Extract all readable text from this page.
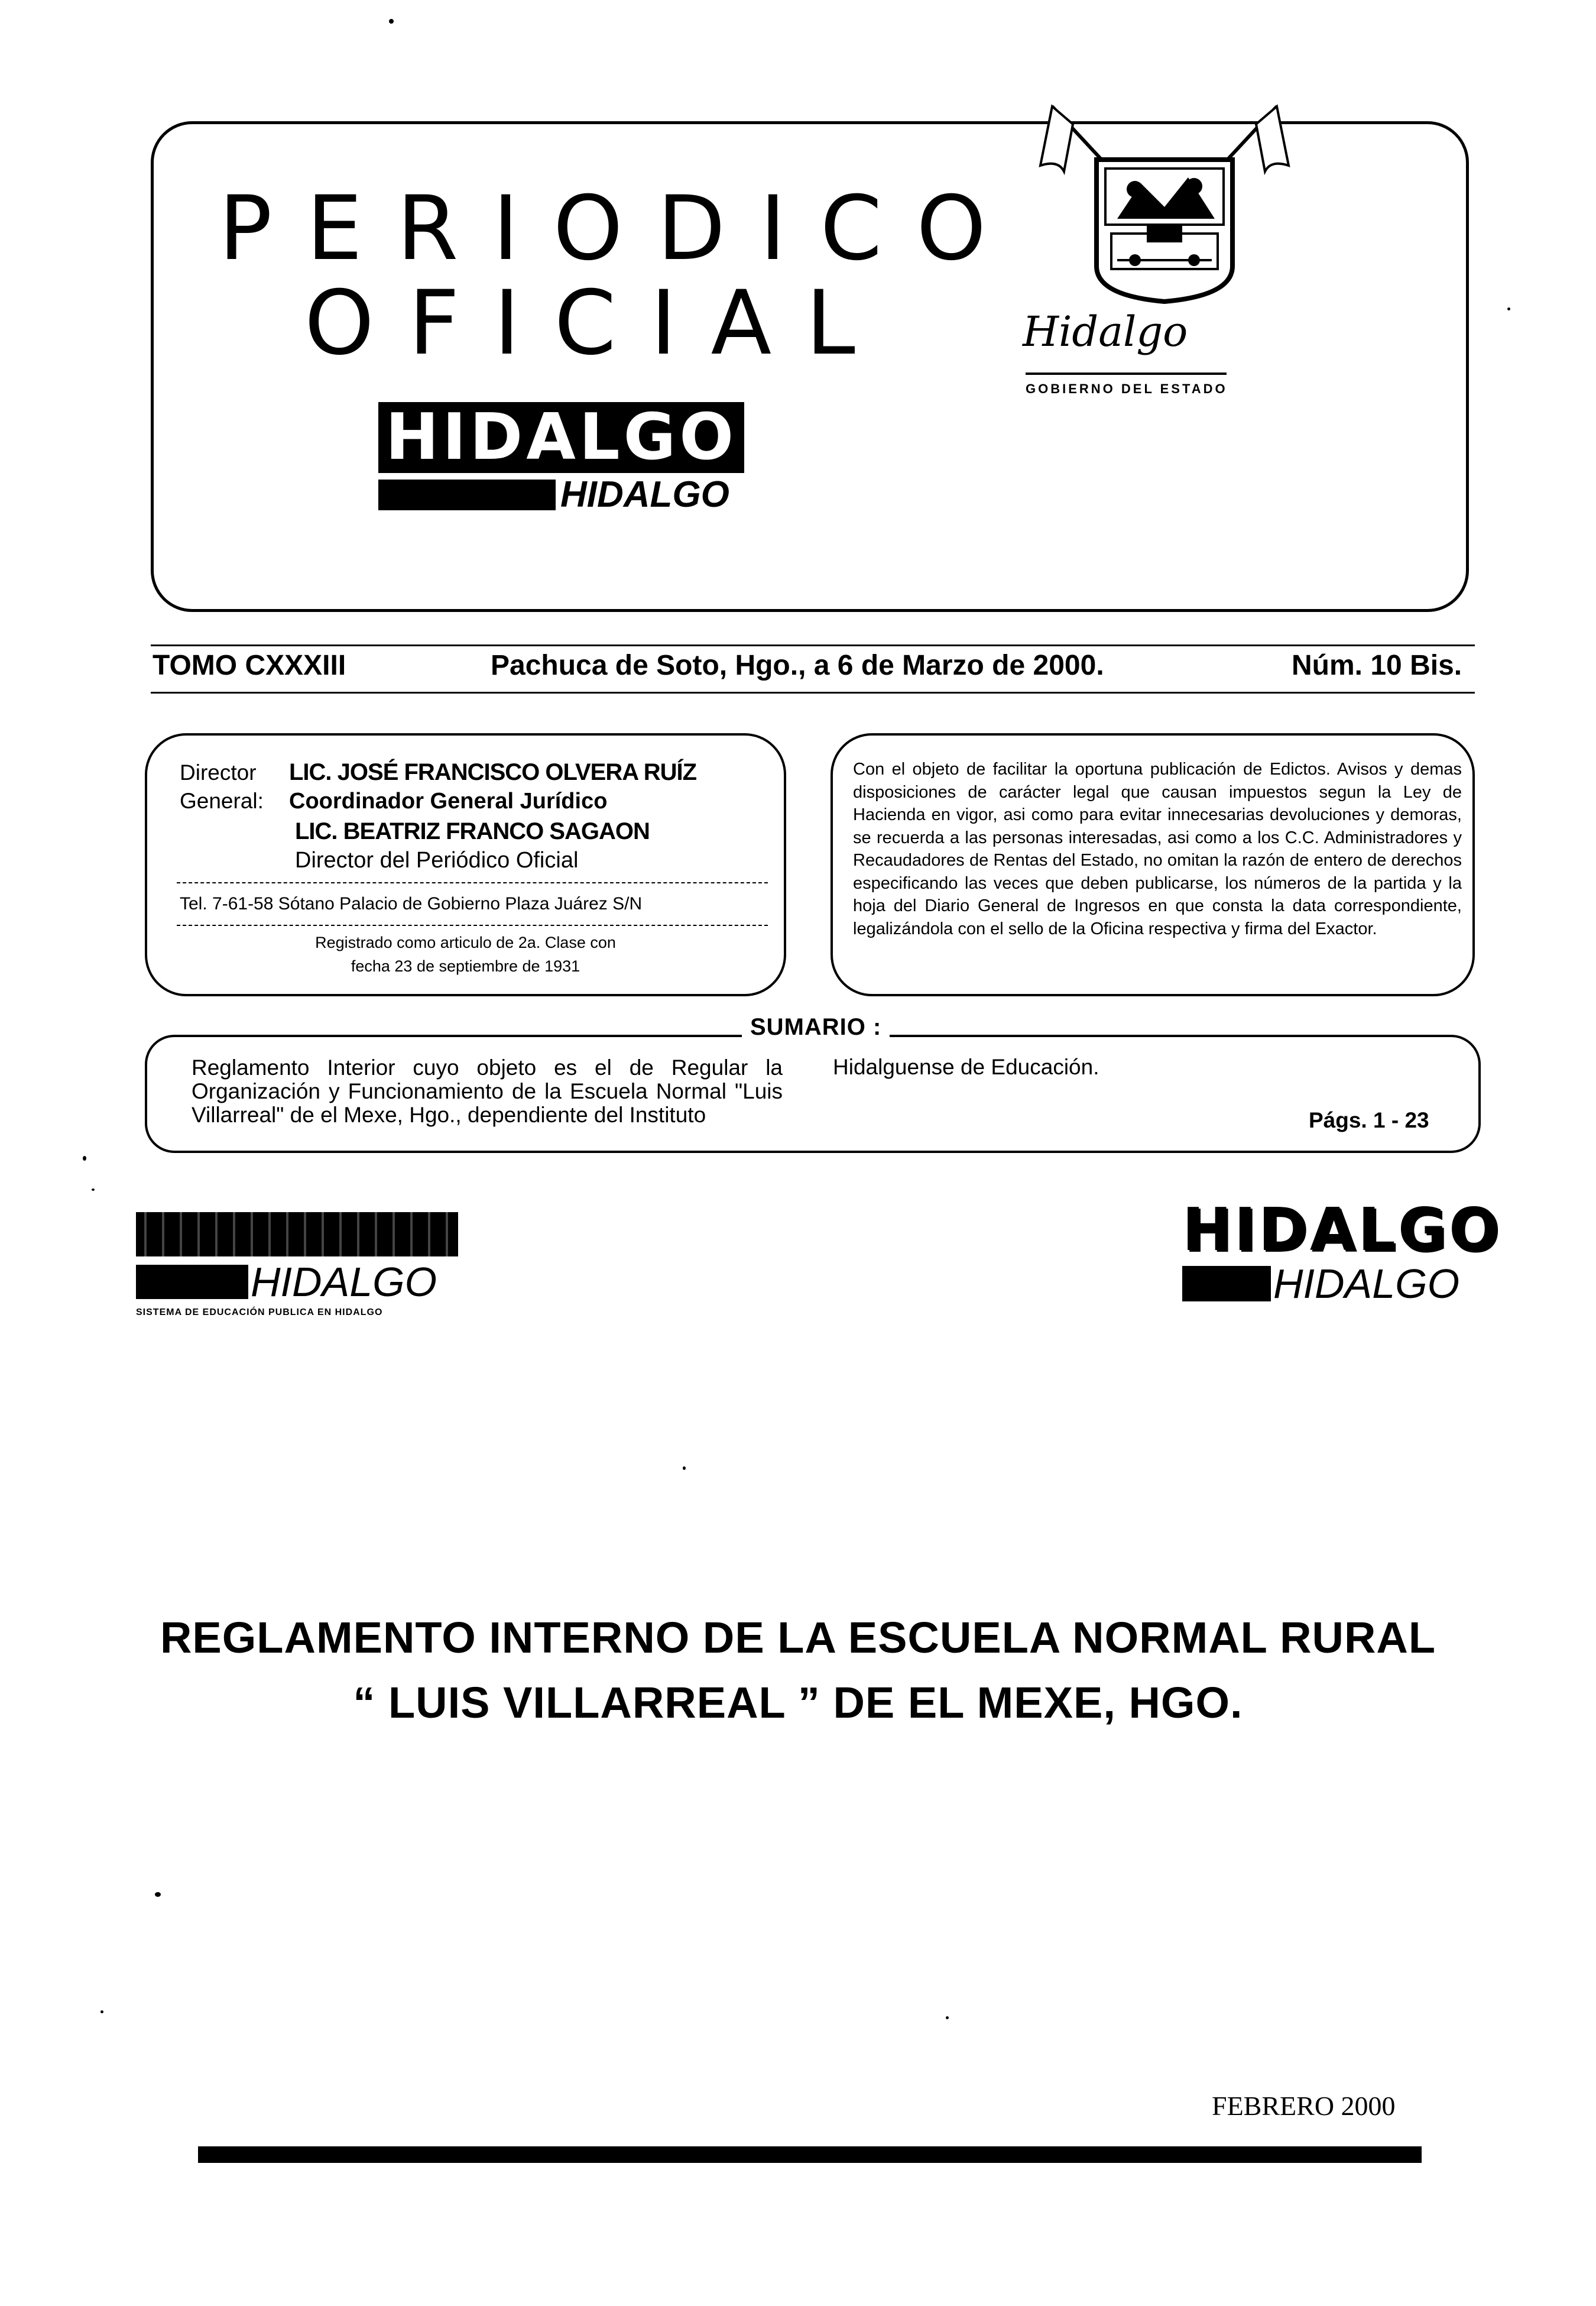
PERIODICO
OFICIAL
HIDALGO
HIDALGO
Hidalgo
GOBIERNO DEL ESTADO
TOMO CXXXIII	Pachuca de Soto, Hgo., a 6 de Marzo de 2000.	Núm. 10 Bis.
Director
General:
LIC. JOSÉ FRANCISCO OLVERA RUÍZ
Coordinador General Jurídico
LIC. BEATRIZ FRANCO SAGAON
Director del Periódico Oficial
Tel. 7-61-58 Sótano Palacio de Gobierno Plaza Juárez S/N
Registrado como articulo de 2a. Clase con
fecha 23 de septiembre de 1931
Con el objeto de facilitar la oportuna publicación de Edictos. Avisos y demas disposiciones de carácter legal que causan impuestos segun la Ley de Hacienda en vigor, asi como para evitar innecesarias devoluciones y demoras, se recuerda a las personas interesadas, asi como a los C.C. Administradores y Recaudadores de Rentas del Estado, no omitan la razón de entero de derechos especificando las veces que deben publicarse, los números de la partida y la hoja del Diario General de Ingresos en que consta la data correspondiente, legalizándola con el sello de la Oficina respectiva y firma del Exactor.
Reglamento Interior cuyo objeto es el de Regular la Organización y Funcionamiento de la Escuela Normal "Luis Villarreal" de el Mexe, Hgo., dependiente del Instituto
Hidalguense de Educación.
Págs. 1 - 23
SUMARIO :
HIDALGO
SISTEMA DE EDUCACIÓN PUBLICA EN HIDALGO
HIDALGO
HIDALGO
REGLAMENTO INTERNO DE LA ESCUELA NORMAL RURAL
“ LUIS VILLARREAL ” DE EL MEXE, HGO.
FEBRERO 2000
